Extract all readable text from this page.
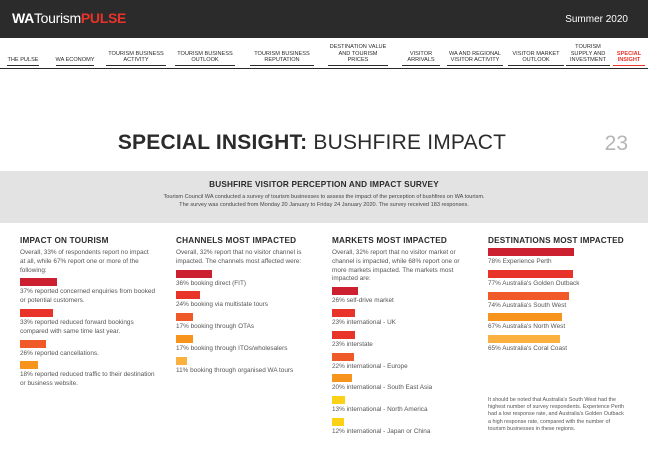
WATourismPULSE	Summer 2020
THE PULSE	WA ECONOMY
TOURISM BUSINESS ACTIVITY
TOURISM BUSINESS OUTLOOK
TOURISM BUSINESS REPUTATION
DESTINATION VALUE AND TOURISM PRICES
VISITOR ARRIVALS
WA AND REGIONAL VISITOR ACTIVITY
VISITOR MARKET OUTLOOK
TOURISM SUPPLY AND INVESTMENT
SPECIAL INSIGHT
SPECIAL INSIGHT: BUSHFIRE IMPACT	23
BUSHFIRE VISITOR PERCEPTION AND IMPACT SURVEY
Tourism Council WA conducted a survey of tourism businesses to assess the impact of the perception of bushfires on WA tourism.
The survey was conducted from Monday 20 January to Friday 24 January 2020. The survey received 183 responses.
IMPACT ON TOURISM
Overall, 33% of respondents report no impact at all, while 67% report one or more of the following:
37% reported concerned enquiries from booked or potential customers.
33% reported reduced forward bookings compared with same time last year.
26% reported cancellations.
18% reported reduced traffic to their destination or business website.
CHANNELS MOST IMPACTED
Overall, 32% report that no visitor channel is impacted. The channels most affected were:
36% booking direct (FIT)
24% booking via multistate tours
17% booking through OTAs
17% booking through ITOs/wholesalers
11% booking through organised WA tours
MARKETS MOST IMPACTED
Overall, 32% report that no visitor market or channel is impacted, while 68% report one or more markets impacted. The markets most impacted are:
26% self-drive market
23% international - UK
23% interstate
22% international - Europe
20% international - South East Asia
13% international - North America
12% international - Japan or China
DESTINATIONS MOST IMPACTED
78% Experience Perth
77% Australia's Golden Outback
74% Australia's South West
67% Australia's North West
65% Australia's Coral Coast
It should be noted that Australia's South West had the highest number of survey respondents. Experience Perth had a low response rate, and Australia's Golden Outback a high response rate, compared with the number of tourism businesses in these regions.
